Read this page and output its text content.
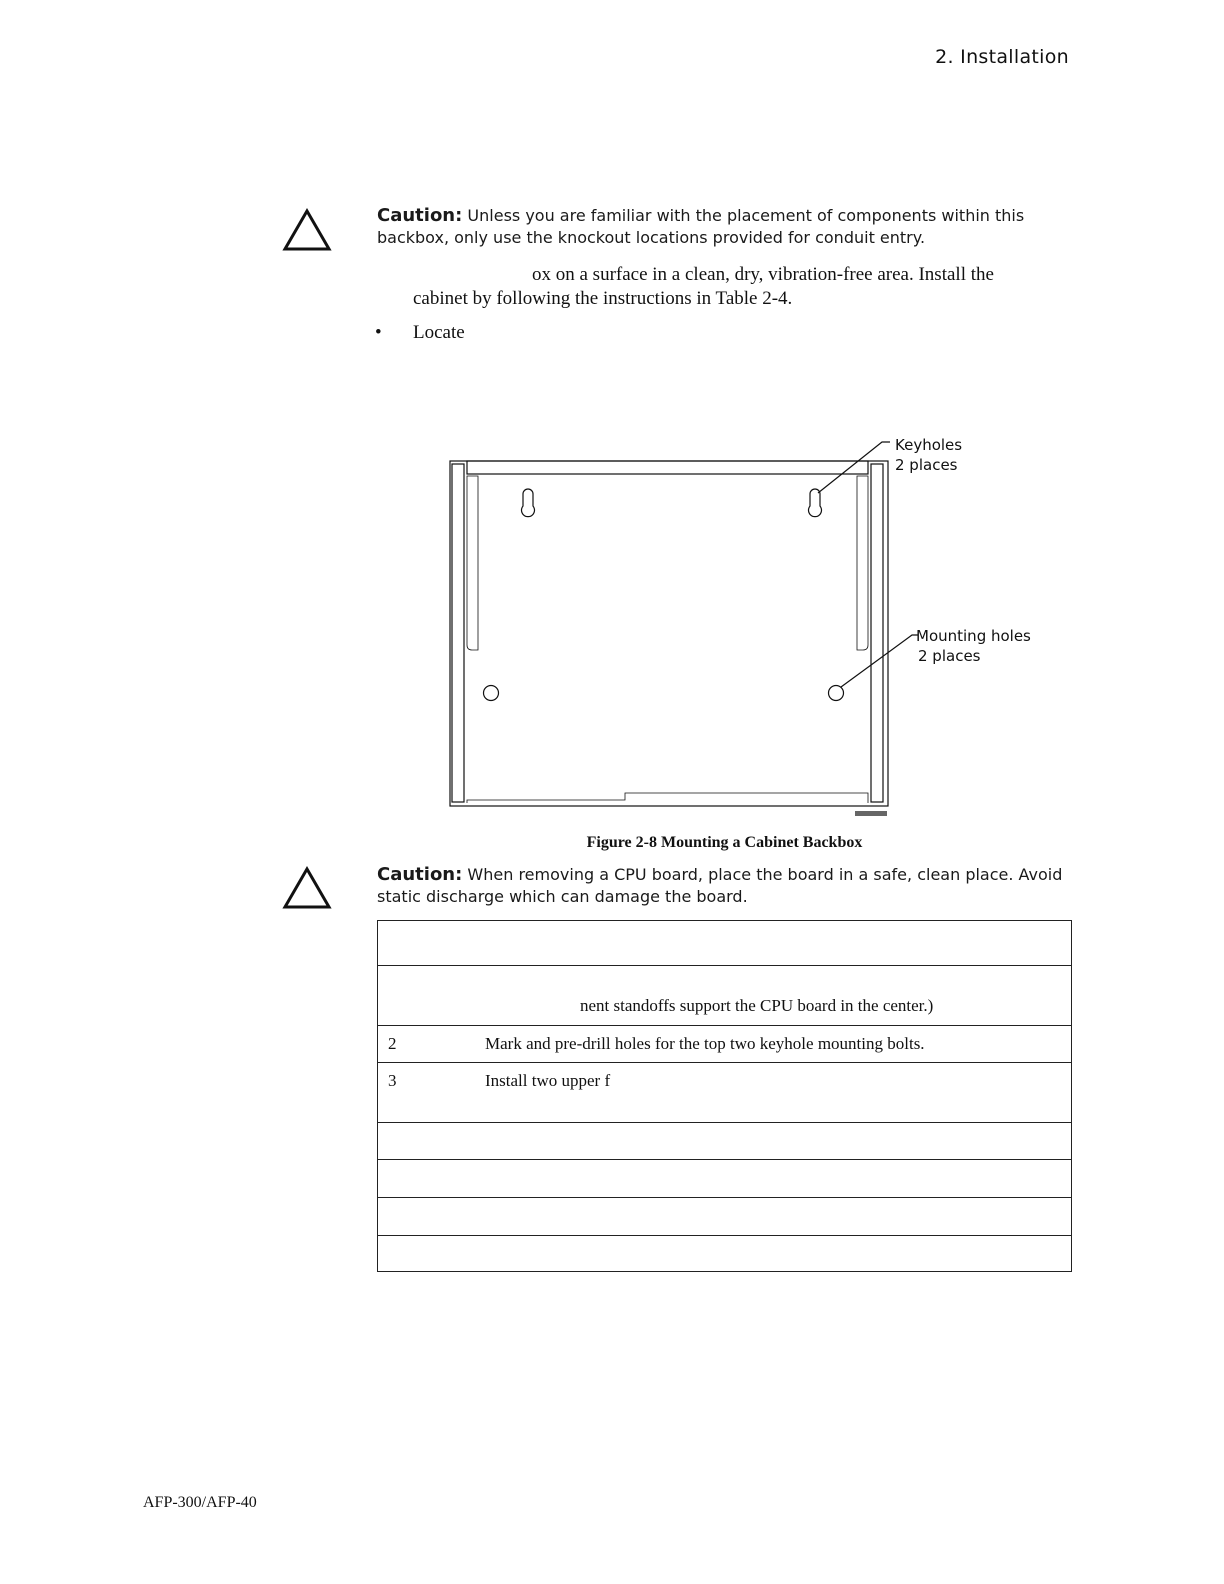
2. Installation
Caution: Unless you are familiar with the placement of components within this backbox, only use the knockout locations provided for conduit entry.
ox on a surface in a clean, dry, vibration-free area. Install the
cabinet by following the instructions in Table 2-4.
• Locate
Keyholes
2 places
Mounting holes
2 places
Figure 2-8 Mounting a Cabinet Backbox
Caution: When removing a CPU board, place the board in a safe, clean place. Avoid static discharge which can damage the board.

	nent standoffs support the CPU board in the center.)
2	Mark and pre-drill holes for the top two keyhole mounting bolts.
3	Install two upper f

AFP-300/AFP-40
